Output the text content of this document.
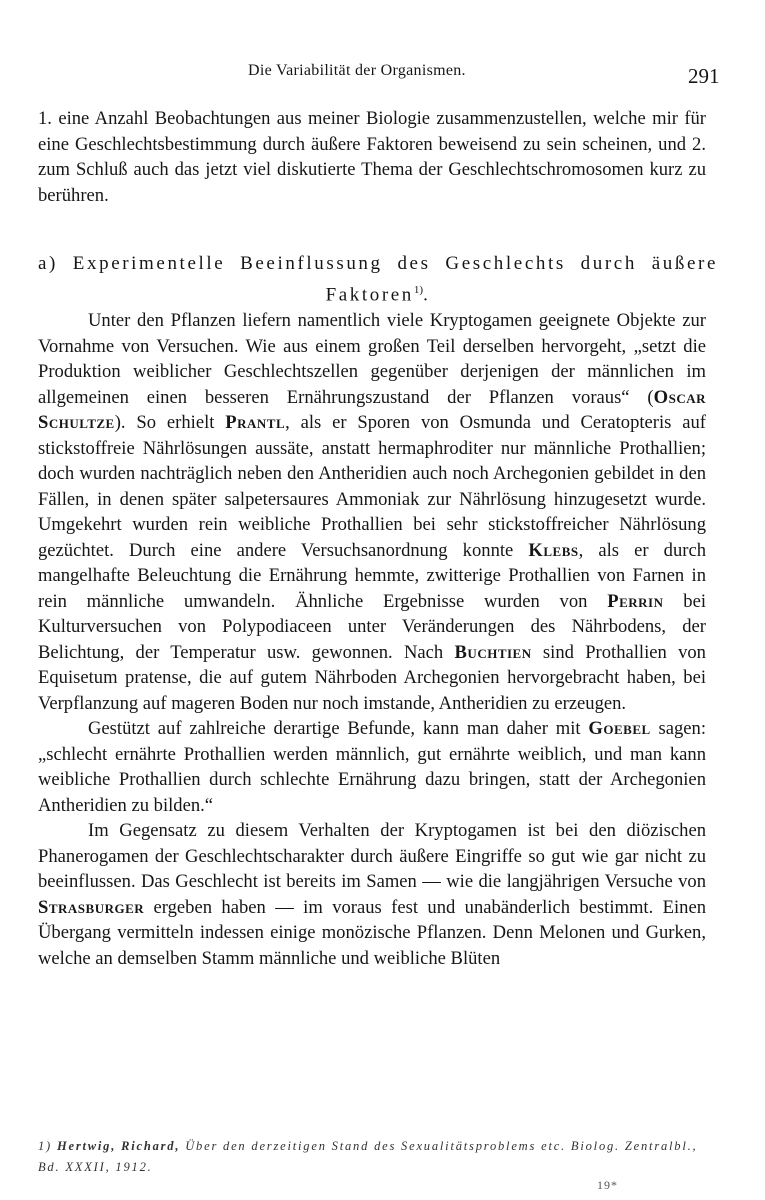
Die Variabilität der Organismen.	291

1. eine Anzahl Beobachtungen aus meiner Biologie zusammenzustellen, welche mir für eine Geschlechtsbestimmung durch äußere Faktoren beweisend zu sein scheinen, und 2. zum Schluß auch das jetzt viel diskutierte Thema der Geschlechtschromosomen kurz zu berühren.

a) Experimentelle Beeinflussung des Geschlechts durch äußere Faktoren$^{1)}$.

Unter den Pflanzen liefern namentlich viele Kryptogamen geeignete Objekte zur Vornahme von Versuchen. Wie aus einem großen Teil derselben hervorgeht, „setzt die Produktion weiblicher Geschlechtszellen gegenüber derjenigen der männlichen im allgemeinen einen besseren Ernährungszustand der Pflanzen voraus“ (Oscar Schultze). So erhielt Prantl, als er Sporen von Osmunda und Ceratopteris auf stickstoffreie Nährlösungen aussäte, anstatt hermaphroditer nur männliche Prothallien; doch wurden nachträglich neben den Antheridien auch noch Archegonien gebildet in den Fällen, in denen später salpetersaures Ammoniak zur Nährlösung hinzugesetzt wurde. Umgekehrt wurden rein weibliche Prothallien bei sehr stickstoffreicher Nährlösung gezüchtet. Durch eine andere Versuchsanordnung konnte Klebs, als er durch mangelhafte Beleuchtung die Ernährung hemmte, zwitterige Prothallien von Farnen in rein männliche umwandeln. Ähnliche Ergebnisse wurden von Perrin bei Kulturversuchen von Polypodiaceen unter Veränderungen des Nährbodens, der Belichtung, der Temperatur usw. gewonnen. Nach Buchtien sind Prothallien von Equisetum pratense, die auf gutem Nährboden Archegonien hervorgebracht haben, bei Verpflanzung auf mageren Boden nur noch imstande, Antheridien zu erzeugen.

Gestützt auf zahlreiche derartige Befunde, kann man daher mit Goebel sagen: „schlecht ernährte Prothallien werden männlich, gut ernährte weiblich, und man kann weibliche Prothallien durch schlechte Ernährung dazu bringen, statt der Archegonien Antheridien zu bilden.“

Im Gegensatz zu diesem Verhalten der Kryptogamen ist bei den diözischen Phanerogamen der Geschlechtscharakter durch äußere Eingriffe so gut wie gar nicht zu beeinflussen. Das Geschlecht ist bereits im Samen — wie die langjährigen Versuche von Strasburger ergeben haben — im voraus fest und unabänderlich bestimmt. Einen Übergang vermitteln indessen einige monözische Pflanzen. Denn Melonen und Gurken, welche an demselben Stamm männliche und weibliche Blüten

1) Hertwig, Richard, Über den derzeitigen Stand des Sexualitätsproblems etc. Biolog. Zentralbl., Bd. XXXII, 1912.
19*
